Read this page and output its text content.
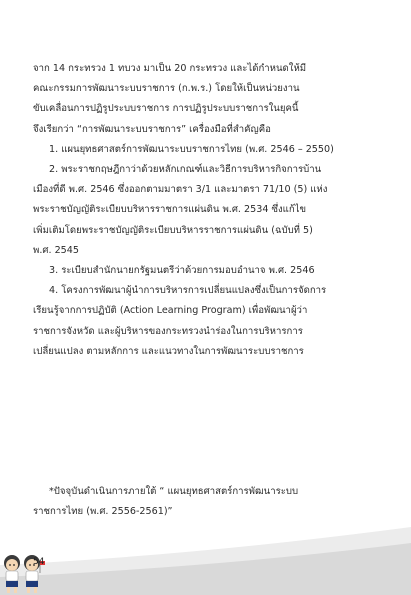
จาก 14 กระทรวง 1 ทบวง มาเป็น 20 กระทรวง และได้กำหนดให้มี
คณะกรรมการพัฒนาระบบราชการ (ก.พ.ร.) โดยให้เป็นหน่วยงาน
ขับเคลื่อนการปฏิรูประบบราชการ การปฏิรูประบบราชการในยุคนี้
จึงเรียกว่า “การพัฒนาระบบราชการ” เครื่องมือที่สำคัญคือ
1. แผนยุทธศาสตร์การพัฒนาระบบราชการไทย (พ.ศ. 2546 – 2550)
2. พระราชกฤษฎีกาว่าด้วยหลักเกณฑ์และวิธีการบริหารกิจการบ้าน
เมืองที่ดี พ.ศ. 2546 ซึ่งออกตามมาตรา 3/1 และมาตรา 71/10 (5) แห่ง
พระราชบัญญัติระเบียบบริหารราชการแผ่นดิน พ.ศ. 2534 ซึ่งแก้ไข
เพิ่มเติมโดยพระราชบัญญัติระเบียบบริหารราชการแผ่นดิน (ฉบับที่ 5)
พ.ศ. 2545
3. ระเบียบสำนักนายกรัฐมนตรีว่าด้วยการมอบอำนาจ พ.ศ. 2546
4. โครงการพัฒนาผู้นำการบริหารการเปลี่ยนแปลงซึ่งเป็นการจัดการ
เรียนรู้จากการปฏิบัติ (Action Learning Program) เพื่อพัฒนาผู้ว่า
ราชการจังหวัด และผู้บริหารของกระทรวงนำร่องในการบริหารการ
เปลี่ยนแปลง ตามหลักการ และแนวทางในการพัฒนาระบบราชการ
*ปัจจุบันดำเนินการภายใต้ “ แผนยุทธศาสตร์การพัฒนาระบบ
ราชการไทย (พ.ศ. 2556-2561)”
54
